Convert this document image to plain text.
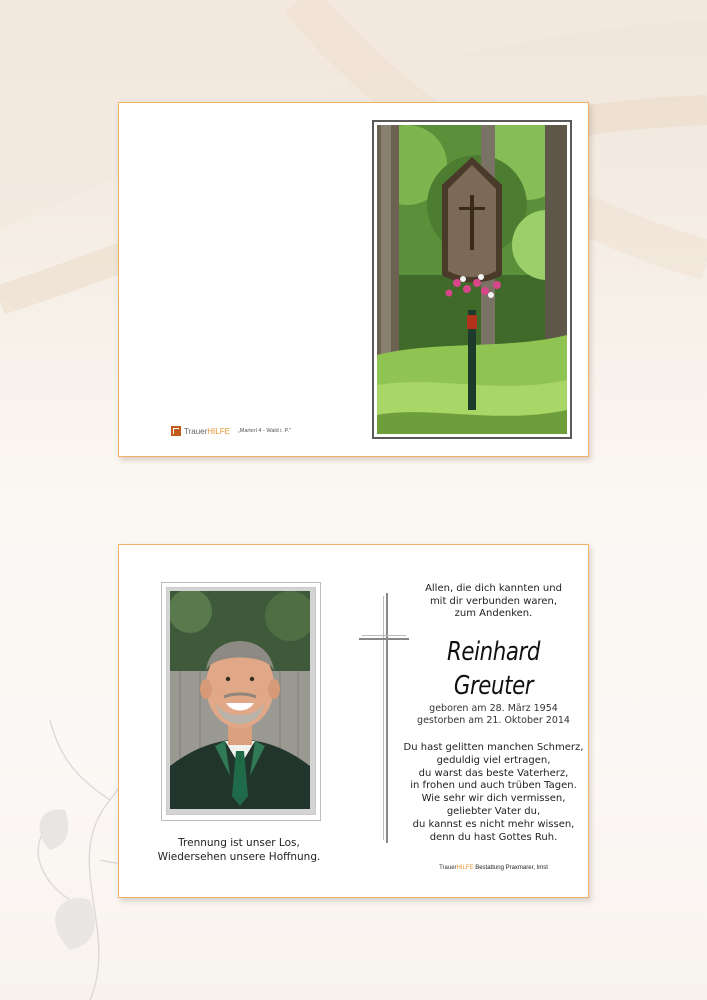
Trauer HILFE „Marterl 4 - Wald i. P."
Trennung ist unser Los,
Wiedersehen unsere Hoffnung.
Allen, die dich kannten und
mit dir verbunden waren,
zum Andenken.
Reinhard
Greuter
geboren am 28. März 1954
gestorben am 21. Oktober 2014
Du hast gelitten manchen Schmerz,
geduldig viel ertragen,
du warst das beste Vaterherz,
in frohen und auch trüben Tagen.
Wie sehr wir dich vermissen,
geliebter Vater du,
du kannst es nicht mehr wissen,
denn du hast Gottes Ruh.
TrauerHILFE Bestattung Praxmarer, Imst
